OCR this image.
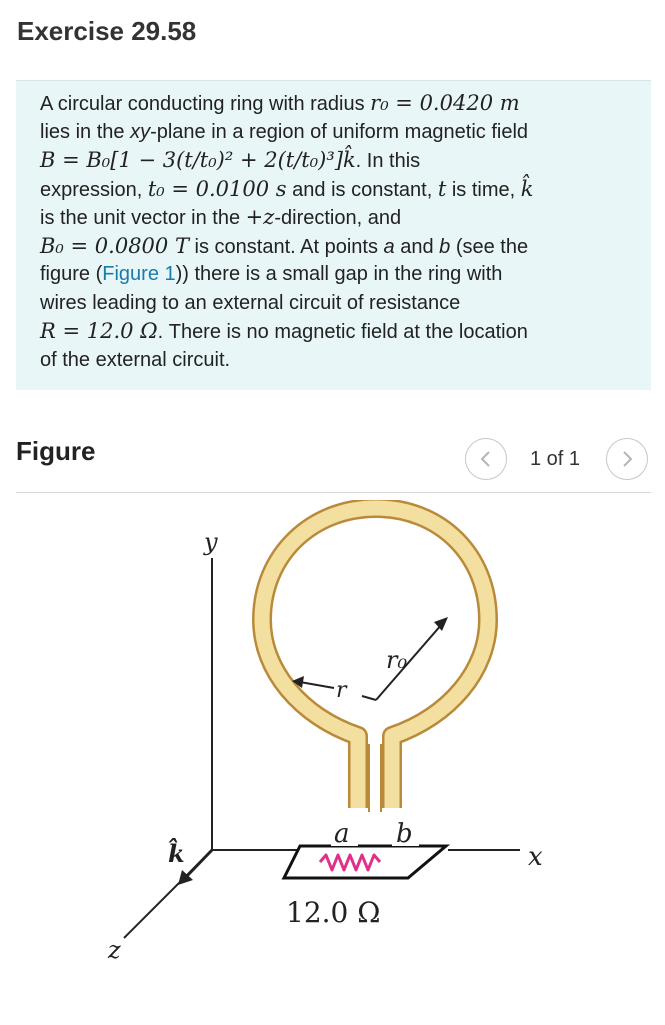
Exercise 29.58
A circular conducting ring with radius r₀ = 0.0420 m
lies in the xy-plane in a region of uniform magnetic field
B = B₀[1 − 3(t/t₀)² + 2(t/t₀)³]k̂. In this
expression, t₀ = 0.0100 s and is constant, t is time, k̂
is the unit vector in the +z-direction, and
B₀ = 0.0800 T is constant. At points a and b (see the
figure (Figure 1)) there is a small gap in the ring with
wires leading to an external circuit of resistance
R = 12.0 Ω. There is no magnetic field at the location
of the external circuit.
Figure	1 of 1
y
x
k̂
z
12.0 Ω
a b
r₀
r
